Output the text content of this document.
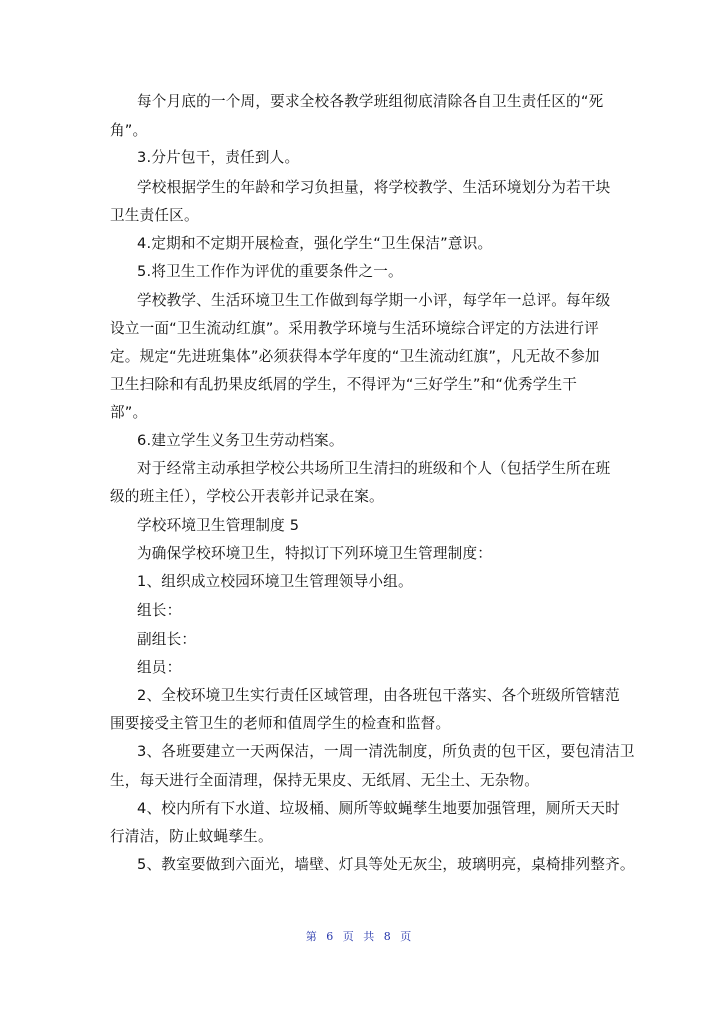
每个月底的一个周，要求全校各教学班组彻底清除各自卫生责任区的“死
角”。
3.分片包干，责任到人。
学校根据学生的年龄和学习负担量，将学校教学、生活环境划分为若干块
卫生责任区。
4.定期和不定期开展检查，强化学生“卫生保洁”意识。
5.将卫生工作作为评优的重要条件之一。
学校教学、生活环境卫生工作做到每学期一小评，每学年一总评。每年级
设立一面“卫生流动红旗”。采用教学环境与生活环境综合评定的方法进行评
定。规定“先进班集体”必须获得本学年度的“卫生流动红旗”，凡无故不参加
卫生扫除和有乱扔果皮纸屑的学生，不得评为“三好学生”和“优秀学生干
部”。
6.建立学生义务卫生劳动档案。
对于经常主动承担学校公共场所卫生清扫的班级和个人（包括学生所在班
级的班主任），学校公开表彰并记录在案。
学校环境卫生管理制度 5
为确保学校环境卫生，特拟订下列环境卫生管理制度：
1、组织成立校园环境卫生管理领导小组。
组长：
副组长：
组员：
2、全校环境卫生实行责任区域管理，由各班包干落实、各个班级所管辖范
围要接受主管卫生的老师和值周学生的检查和监督。
3、各班要建立一天两保洁，一周一清洗制度，所负责的包干区，要包清洁卫
生，每天进行全面清理，保持无果皮、无纸屑、无尘土、无杂物。
4、校内所有下水道、垃圾桶、厕所等蚊蝇孳生地要加强管理，厕所天天时
行清洁，防止蚊蝇孳生。
5、教室要做到六面光，墙壁、灯具等处无灰尘，玻璃明亮，桌椅排列整齐。
第 6 页 共 8 页
